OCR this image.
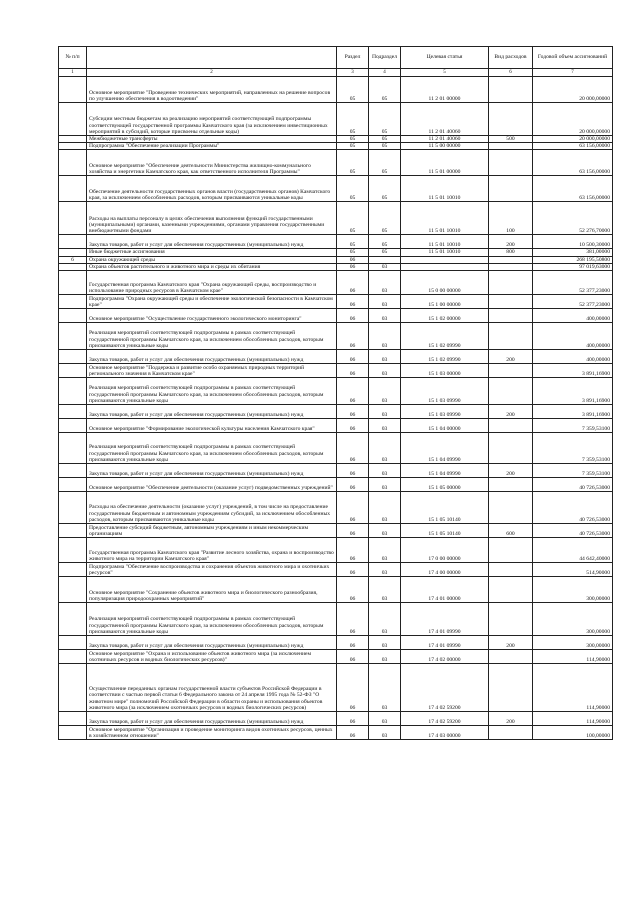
№ п/п		Раздел	Подраздел	Целевая статья	Вид расходов	Годовой объем ассигнований
1	2	3	4	5	6	7
	Основное мероприятие "Проведение технических мероприятий, направленных на решение вопросов по улучшению обеспечения в водоотведении"	05	05	11 2 01 00000		20 000,00000
	Субсидии местным бюджетам на реализацию мероприятий соответствующей подпрограммы соответствующей государственной программы Камчатского края (за исключением инвестиционных мероприятий в субсидий, которые присвоены отдельные коды)	05	05	11 2 01 40060		20 000,00000
	Межбюджетные трансферты	05	05	11 2 01 40060	500	20 000,00000
	Подпрограмма "Обеспечение реализации Программы"	05	05	11 5 00 00000		63 156,00000
	Основное мероприятие "Обеспечение деятельности Министерства жилищно-коммунального хозяйства и энергетики Камчатского края, как ответственного исполнителя Программы"	05	05	11 5 01 00000		63 156,00000
	Обеспечение деятельности государственных органов власти (государственных органов) Камчатского края, за исключением обособленных расходов, которым присваиваются уникальные коды	05	05	11 5 01 10010		63 156,00000
	Расходы на выплаты персоналу в целях обеспечения выполнения функций государственными (муниципальными) органами, казенными учреждениями, органами управления государственными внебюджетными фондами	05	05	11 5 01 10010	100	52 276,70000
	Закупка товаров, работ и услуг для обеспечения государственных (муниципальных) нужд	05	05	11 5 01 10010	200	10 500,30000
	Иные бюджетные ассигнования	05	05	11 5 01 10010	800	381,00000
6	Охрана окружающей среды	06				268 195,50800
	Охрана объектов растительного и животного мира и среды их обитания	06	03			97 019,63000
	Государственная программа Камчатского края "Охрана окружающей среды, воспроизводство и использование природных ресурсов в Камчатском крае"	06	03	15 0 00 00000		52 377,23000
	Подпрограмма "Охрана окружающей среды и обеспечение экологической безопасности в Камчатском крае"	06	03	15 1 00 00000		52 377,23000
	Основное мероприятие "Осуществление государственного экологического мониторинга"	06	03	15 1 02 00000		400,00000
	Реализация мероприятий соответствующей подпрограммы в рамках соответствующей государственной программы Камчатского края, за исключением обособленных расходов, которым присваиваются уникальные коды	06	03	15 1 02 09990		400,00000
	Закупка товаров, работ и услуг для обеспечения государственных (муниципальных) нужд	06	03	15 1 02 09990	200	400,00000
	Основное мероприятие "Поддержка и развитие особо охраняемых природных территорий регионального значения в Камчатском крае"	06	03	15 1 03 00000		3 891,16900
	Реализация мероприятий соответствующей подпрограммы в рамках соответствующей государственной программы Камчатского края, за исключением обособленных расходов, которым присваиваются уникальные коды	06	03	15 1 03 09990		3 891,16900
	Закупка товаров, работ и услуг для обеспечения государственных (муниципальных) нужд	06	03	15 1 03 09990	200	3 891,16900
	Основное мероприятие "Формирование экологической культуры населения Камчатского края"	06	03	15 1 04 00000		7 359,53100
	Реализация мероприятий соответствующей подпрограммы в рамках соответствующей государственной программы Камчатского края, за исключением обособленных расходов, которым присваиваются уникальные коды	06	03	15 1 04 09990		7 359,53100
	Закупка товаров, работ и услуг для обеспечения государственных (муниципальных) нужд	06	03	15 1 04 09990	200	7 359,53100
	Основное мероприятие "Обеспечение деятельности (оказание услуг) подведомственных учреждений"	06	03	15 1 05 00000		40 726,53000
	Расходы на обеспечение деятельности (оказание услуг) учреждений, в том числе на предоставление государственным бюджетным и автономным учреждениям субсидий, за исключением обособленных расходов, которым присваиваются уникальные коды	06	03	15 1 05 10140		40 726,53000
	Предоставление субсидий бюджетным, автономным учреждениям и иным некоммерческим организациям	06	03	15 1 05 10140	600	40 726,53000
	Государственная программа Камчатского края "Развитие лесного хозяйства, охрана и воспроизводство животного мира на территории Камчатского края"	06	03	17 0 00 00000		44 642,40000
	Подпрограмма "Обеспечение воспроизводства и сохранения объектов животного мира и охотничьих ресурсов"	06	03	17 4 00 00000		514,90000
	Основное мероприятие "Сохранение объектов животного мира и биологического разнообразия, популяризация природоохранных мероприятий"	06	03	17 4 01 00000		300,00000
	Реализация мероприятий соответствующей подпрограммы в рамках соответствующей государственной программы Камчатского края, за исключением обособленных расходов, которым присваиваются уникальные коды	06	03	17 4 01 09990		300,00000
	Закупка товаров, работ и услуг для обеспечения государственных (муниципальных) нужд	06	03	17 4 01 09990	200	300,00000
	Основное мероприятие "Охрана и использование объектов животного мира (за исключением охотничьих ресурсов и водных биологических ресурсов)"	06	03	17 4 02 00000		114,90000
	Осуществление переданных органам государственной власти субъектов Российской Федерации в соответствии с частью первой статьи 6 Федерального закона от 24 апреля 1995 года № 52-ФЗ "О животном мире" полномочий Российской Федерации в области охраны и использования объектов животного мира (за исключением охотничьих ресурсов и водных биологических ресурсов)	06	03	17 4 02 59200		114,90000
	Закупка товаров, работ и услуг для обеспечения государственных (муниципальных) нужд	06	03	17 4 02 59200	200	114,90000
	Основное мероприятие "Организация и проведение мониторинга видов охотничьих ресурсов, ценных в хозяйственном отношении"	06	03	17 4 03 00000		100,00000
